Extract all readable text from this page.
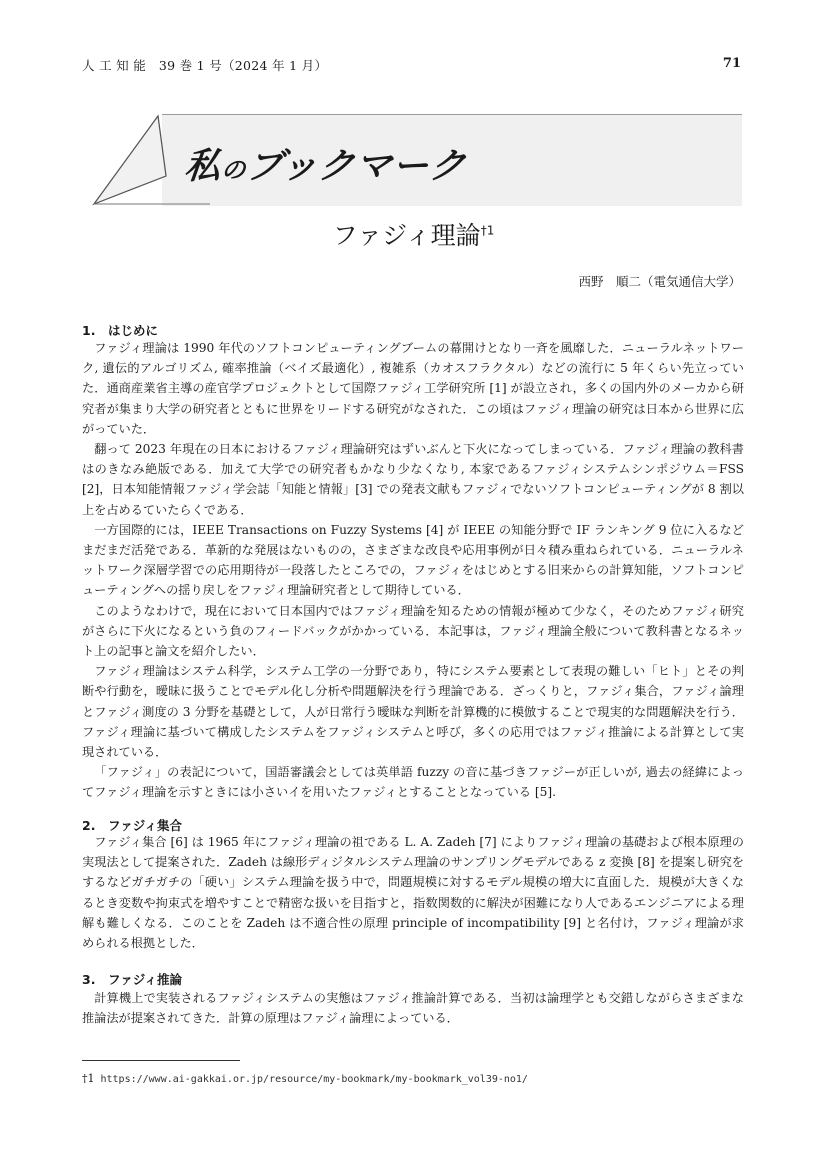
人 工 知 能　39 巻 1 号（2024 年 1 月）	71
私のブックマーク
ファジィ理論$^{\dagger 1}$
西野　順二（電気通信大学）
1.　はじめに

ファジィ理論は 1990 年代のソフトコンピューティングブームの幕開けとなり一斉を風靡した．ニューラルネットワーク, 遺伝的アルゴリズム, 確率推論（ベイズ最適化）, 複雑系（カオスフラクタル）などの流行に 5 年くらい先立っていた．通商産業省主導の産官学プロジェクトとして国際ファジィ工学研究所 [1] が設立され，多くの国内外のメーカから研究者が集まり大学の研究者とともに世界をリードする研究がなされた．この頃はファジィ理論の研究は日本から世界に広がっていた．

翻って 2023 年現在の日本におけるファジィ理論研究はずいぶんと下火になってしまっている．ファジィ理論の教科書はのきなみ絶版である．加えて大学での研究者もかなり少なくなり, 本家であるファジィシステムシンポジウム＝FSS [2]，日本知能情報ファジィ学会誌「知能と情報」[3] での発表文献もファジィでないソフトコンピューティングが 8 割以上を占めるていたらくである．

一方国際的には，IEEE Transactions on Fuzzy Systems [4] が IEEE の知能分野で IF ランキング 9 位に入るなどまだまだ活発である．革新的な発展はないものの，さまざまな改良や応用事例が日々積み重ねられている．ニューラルネットワーク深層学習での応用期待が一段落したところでの，ファジィをはじめとする旧来からの計算知能，ソフトコンピューティングへの揺り戻しをファジィ理論研究者として期待している．

このようなわけで，現在において日本国内ではファジィ理論を知るための情報が極めて少なく，そのためファジィ研究がさらに下火になるという負のフィードバックがかかっている．本記事は，ファジィ理論全般について教科書となるネット上の記事と論文を紹介したい．

ファジィ理論はシステム科学，システム工学の一分野であり，特にシステム要素として表現の難しい「ヒト」とその判断や行動を，曖昧に扱うことでモデル化し分析や問題解決を行う理論である．ざっくりと，ファジィ集合，ファジィ論理とファジィ測度の 3 分野を基礎として，人が日常行う曖昧な判断を計算機的に模倣することで現実的な問題解決を行う．ファジィ理論に基づいて構成したシステムをファジィシステムと呼び，多くの応用ではファジィ推論による計算として実現されている．

「ファジィ」の表記について，国語審議会としては英単語 fuzzy の音に基づきファジーが正しいが, 過去の経緯によってファジィ理論を示すときには小さいイを用いたファジィとすることとなっている [5].

2.　ファジィ集合

ファジィ集合 [6] は 1965 年にファジィ理論の祖である L. A. Zadeh [7] によりファジィ理論の基礎および根本原理の実現法として提案された．Zadeh は線形ディジタルシステム理論のサンプリングモデルである z 変換 [8] を提案し研究をするなどガチガチの「硬い」システム理論を扱う中で，問題規模に対するモデル規模の増大に直面した．規模が大きくなるとき変数や拘束式を増やすことで精密な扱いを目指すと，指数関数的に解決が困難になり人であるエンジニアによる理解も難しくなる．このことを Zadeh は不適合性の原理 principle of incompatibility [9] と名付け，ファジィ理論が求められる根拠とした．

3.　ファジィ推論

計算機上で実装されるファジィシステムの実態はファジィ推論計算である．当初は論理学とも交錯しながらさまざまな推論法が提案されてきた．計算の原理はファジィ論理によっている．

†1 https://www.ai-gakkai.or.jp/resource/my-bookmark/my-bookmark_vol39-no1/
